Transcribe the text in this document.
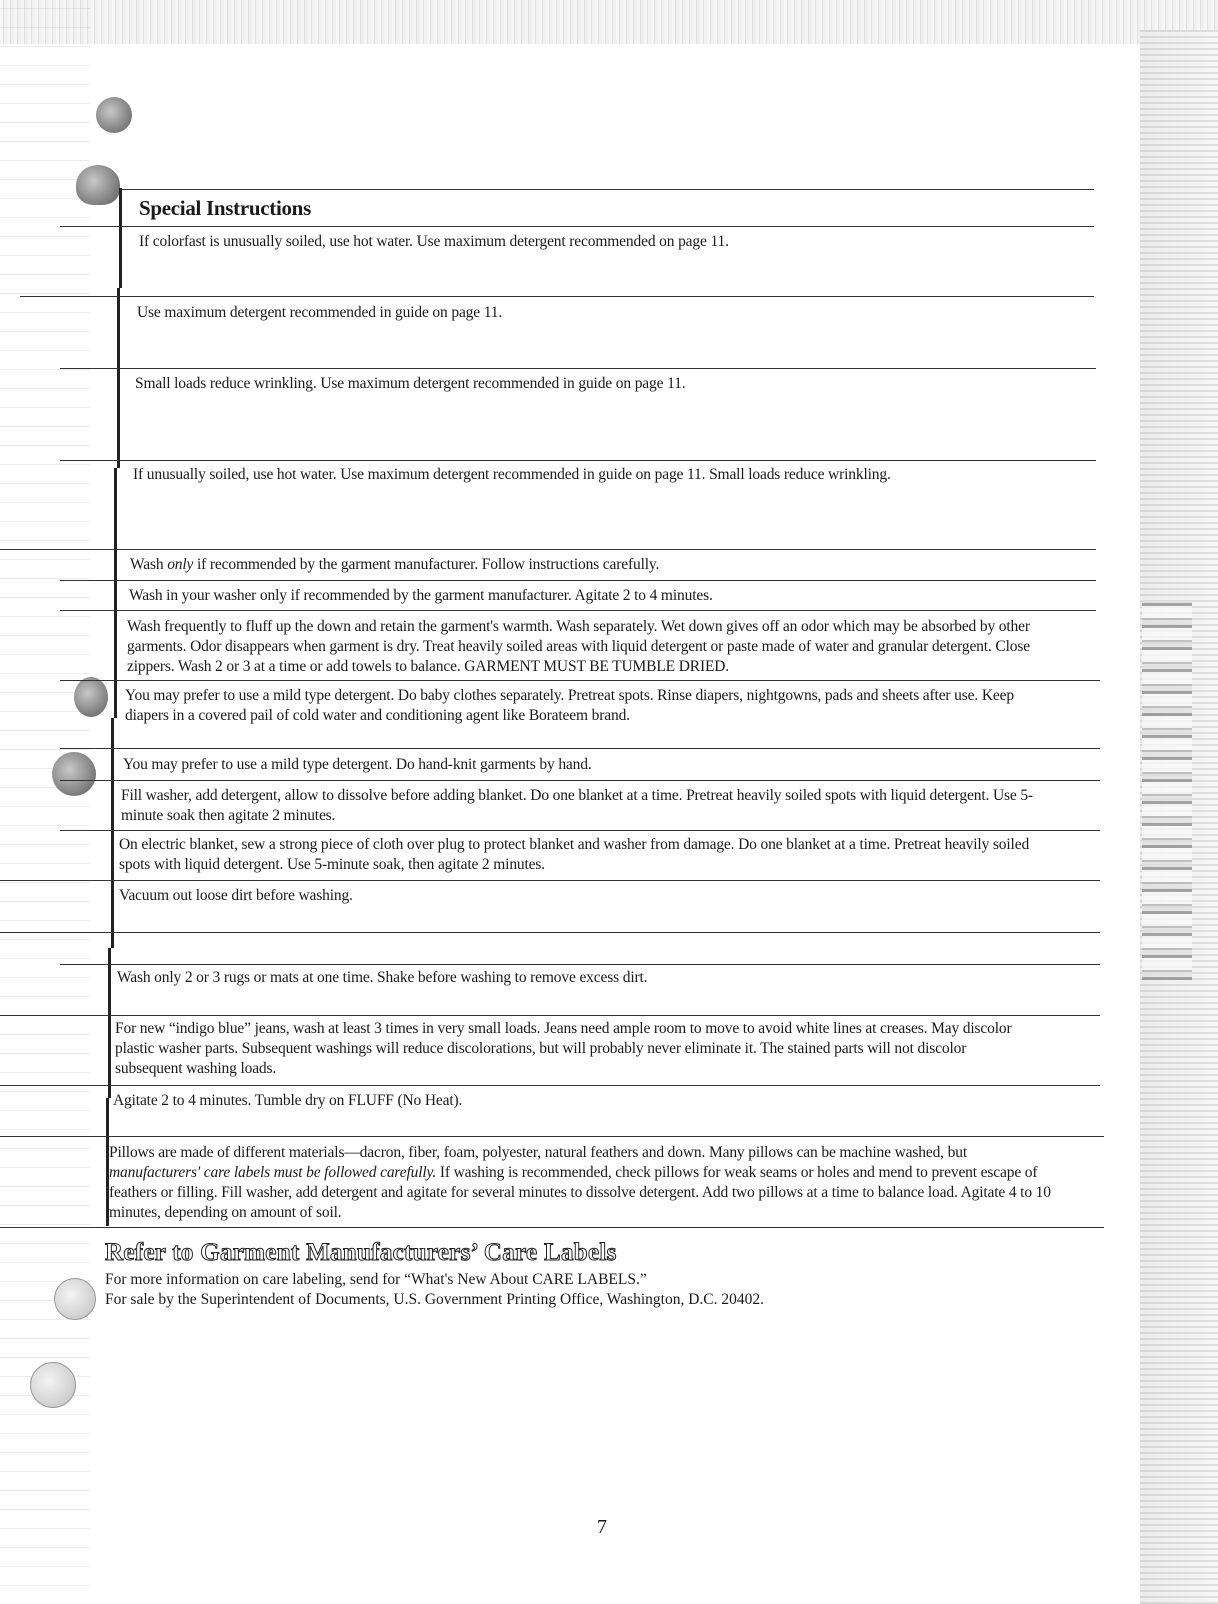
Special Instructions
If colorfast is unusually soiled, use hot water. Use maximum detergent recommended on page 11.
Use maximum detergent recommended in guide on page 11.
Small loads reduce wrinkling. Use maximum detergent recommended in guide on page 11.
If unusually soiled, use hot water. Use maximum detergent recommended in guide on page 11. Small loads reduce wrinkling.
Wash only if recommended by the garment manufacturer. Follow instructions carefully.
Wash in your washer only if recommended by the garment manufacturer. Agitate 2 to 4 minutes.
Wash frequently to fluff up the down and retain the garment's warmth. Wash separately. Wet down gives off an odor which may be absorbed by other garments. Odor disappears when garment is dry. Treat heavily soiled areas with liquid detergent or paste made of water and granular detergent. Close zippers. Wash 2 or 3 at a time or add towels to balance. GARMENT MUST BE TUMBLE DRIED.
You may prefer to use a mild type detergent. Do baby clothes separately. Pretreat spots. Rinse diapers, nightgowns, pads and sheets after use. Keep diapers in a covered pail of cold water and conditioning agent like Borateem brand.
You may prefer to use a mild type detergent. Do hand-knit garments by hand.
Fill washer, add detergent, allow to dissolve before adding blanket. Do one blanket at a time. Pretreat heavily soiled spots with liquid detergent. Use 5-minute soak then agitate 2 minutes.
On electric blanket, sew a strong piece of cloth over plug to protect blanket and washer from damage. Do one blanket at a time. Pretreat heavily soiled spots with liquid detergent. Use 5-minute soak, then agitate 2 minutes.
Vacuum out loose dirt before washing.
Wash only 2 or 3 rugs or mats at one time. Shake before washing to remove excess dirt.
For new “indigo blue” jeans, wash at least 3 times in very small loads. Jeans need ample room to move to avoid white lines at creases. May discolor plastic washer parts. Subsequent washings will reduce discolorations, but will probably never eliminate it. The stained parts will not discolor subsequent washing loads.
Agitate 2 to 4 minutes. Tumble dry on FLUFF (No Heat).
Pillows are made of different materials—dacron, fiber, foam, polyester, natural feathers and down. Many pillows can be machine washed, but manufacturers' care labels must be followed carefully. If washing is recommended, check pillows for weak seams or holes and mend to prevent escape of feathers or filling. Fill washer, add detergent and agitate for several minutes to dissolve detergent. Add two pillows at a time to balance load. Agitate 4 to 10 minutes, depending on amount of soil.
Refer to Garment Manufacturers’ Care Labels
For more information on care labeling, send for “What's New About CARE LABELS.”
For sale by the Superintendent of Documents, U.S. Government Printing Office, Washington, D.C. 20402.
7
